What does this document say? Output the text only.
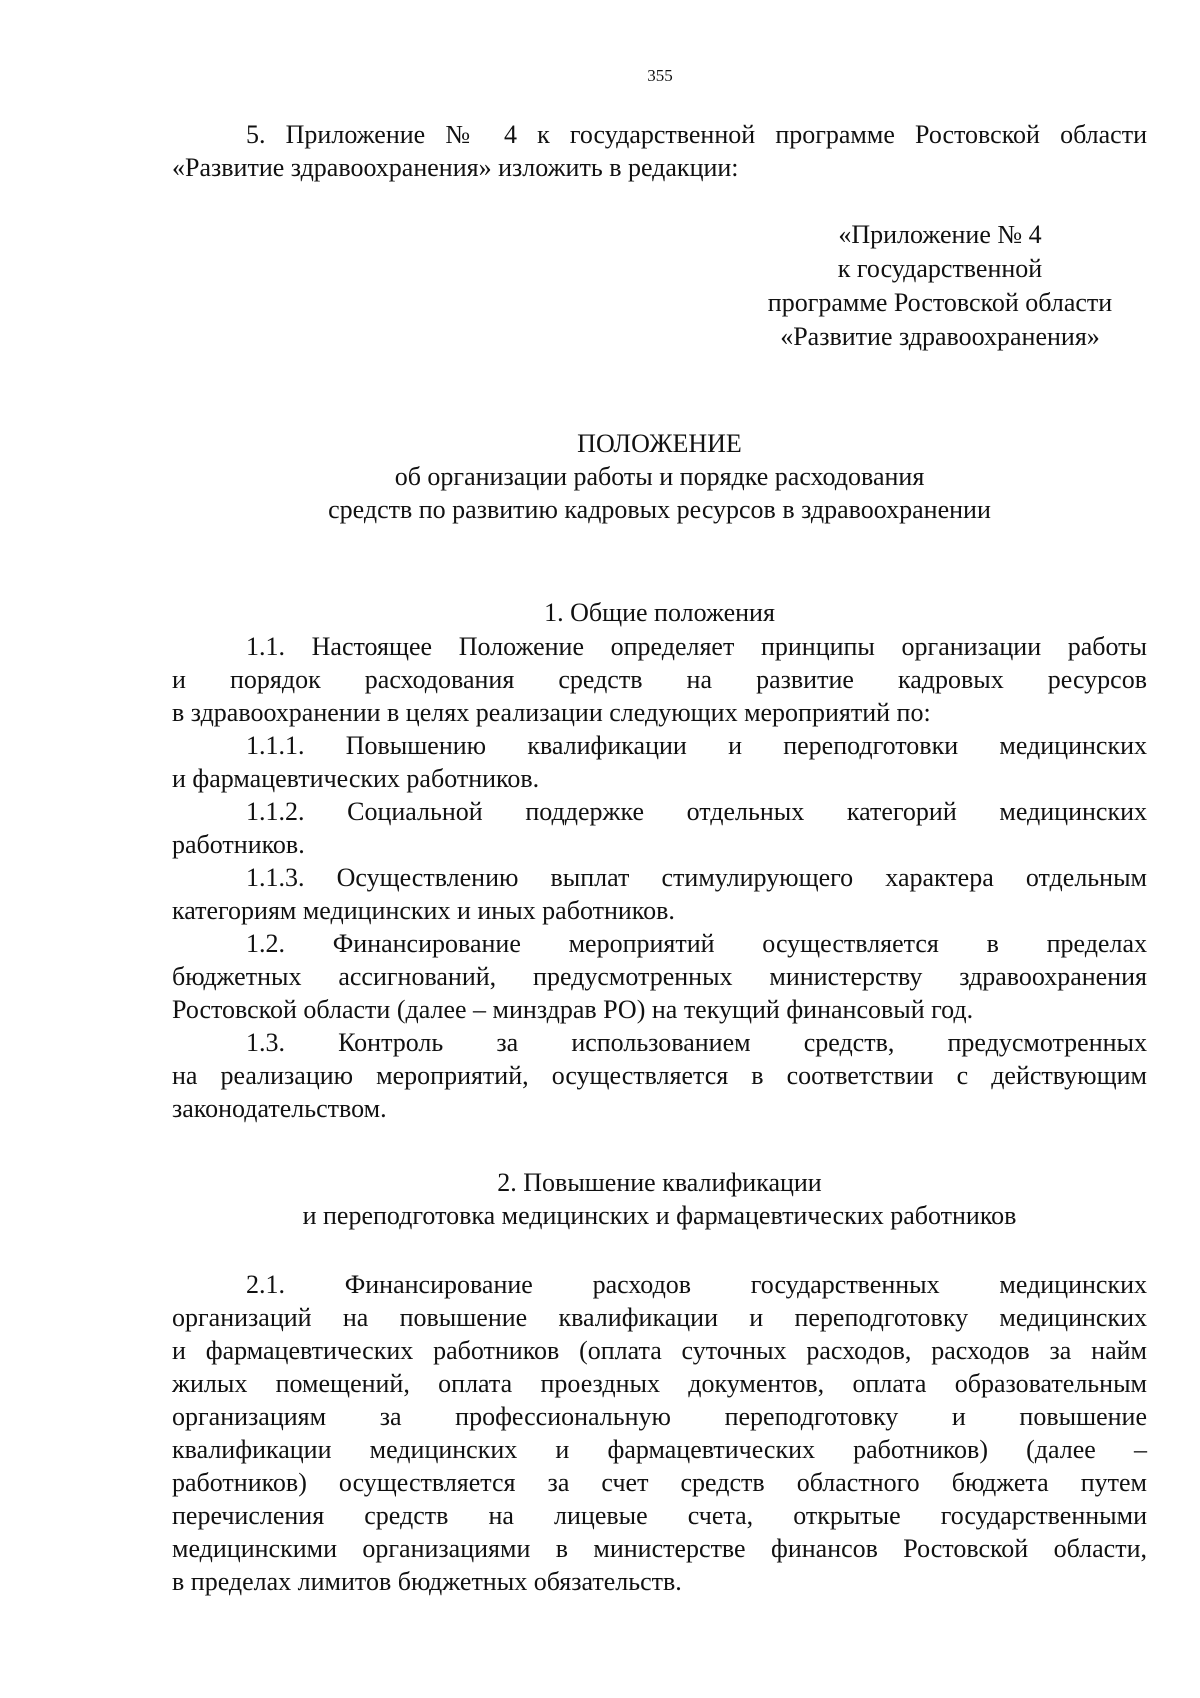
355
5. Приложение № 4 к государственной программе Ростовской области
«Развитие здравоохранения» изложить в редакции:
«Приложение № 4
к государственной
программе Ростовской области
«Развитие здравоохранения»
ПОЛОЖЕНИЕ
об организации работы и порядке расходования
средств по развитию кадровых ресурсов в здравоохранении
1. Общие положения
1.1. Настоящее Положение определяет принципы организации работы
и порядок расходования средств на развитие кадровых ресурсов
в здравоохранении в целях реализации следующих мероприятий по:
1.1.1. Повышению квалификации и переподготовки медицинских
и фармацевтических работников.
1.1.2. Социальной поддержке отдельных категорий медицинских
работников.
1.1.3. Осуществлению выплат стимулирующего характера отдельным
категориям медицинских и иных работников.
1.2. Финансирование мероприятий осуществляется в пределах
бюджетных ассигнований, предусмотренных министерству здравоохранения
Ростовской области (далее – минздрав РО) на текущий финансовый год.
1.3. Контроль за использованием средств, предусмотренных
на реализацию мероприятий, осуществляется в соответствии с действующим
законодательством.
2. Повышение квалификации
и переподготовка медицинских и фармацевтических работников
2.1. Финансирование расходов государственных медицинских
организаций на повышение квалификации и переподготовку медицинских
и фармацевтических работников (оплата суточных расходов, расходов за найм
жилых помещений, оплата проездных документов, оплата образовательным
организациям за профессиональную переподготовку и повышение
квалификации медицинских и фармацевтических работников) (далее –
работников) осуществляется за счет средств областного бюджета путем
перечисления средств на лицевые счета, открытые государственными
медицинскими организациями в министерстве финансов Ростовской области,
в пределах лимитов бюджетных обязательств.
